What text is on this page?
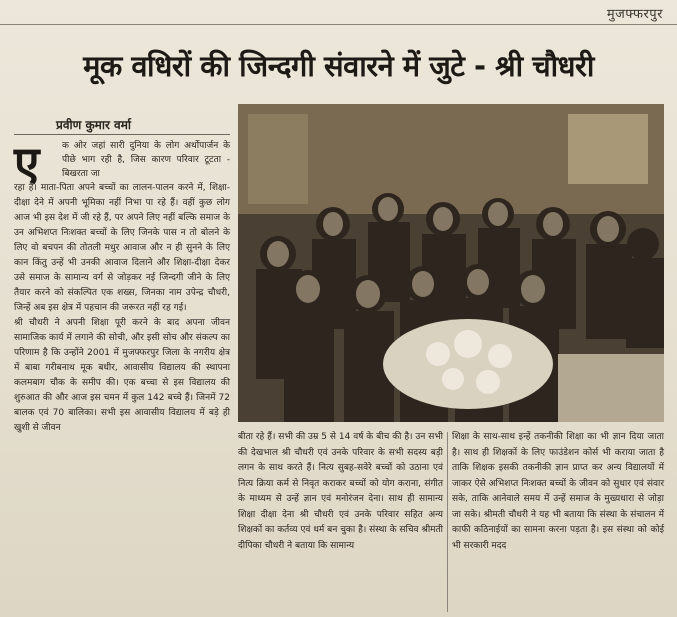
मुजफ्फरपुर
मूक वधिरों की जिन्दगी संवारने में जुटे - श्री चौधरी
प्रवीण कुमार वर्मा
ए	क ओर जहां सारी दुनिया के लोग अर्थोपार्जन के पीछे भाग रही है, जिस कारण परिवार टूटता - बिखरता जा

रहा है। माता-पिता अपने बच्चों का लालन-पालन करने में, शिक्षा-दीक्षा देने में अपनी भूमिका नहीं निभा पा रहे हैं। वहीं कुछ लोग आज भी इस देश में जी रहे हैं, पर अपने लिए नहीं बल्कि समाज के उन अभिशप्त निःशक्त बच्चों के लिए जिनके पास न तो बोलने के लिए वो बचपन की तोतली मधुर आवाज और न ही सुनने के लिए कान किंतु उन्हें भी उनकी आवाज दिलाने और शिक्षा-दीक्षा देकर उसे समाज के सामान्य वर्ग से जोड़कर नई जिन्दगी जीने के लिए तैयार करने को संकल्पित एक शख्स, जिनका नाम उपेन्द्र चौधरी, जिन्हें अब इस क्षेत्र में पहचान की जरूरत नहीं रह गई।

श्री चौधरी ने अपनी शिक्षा पूरी करने के बाद अपना जीवन सामाजिक कार्य में लगाने की सोची, और इसी सोच और संकल्प का परिणाम है कि उन्होंने 2001 में मुजफ्फरपुर जिला के नगरीय क्षेत्र में बाबा गरीबनाथ मूक बधीर, आवासीय विद्यालय की स्थापना कलमबाग चौक के समीप की। एक बच्चा से इस विद्यालय की शुरुआत की और आज इस चमन में कुल 142 बच्चे हैं। जिनमें 72 बालक एवं 70 बालिका। सभी इस आवासीय विद्यालय में बड़े ही खुशी से जीवन

बीता रहे हैं। सभी की उम्र 5 से 14 वर्ष के बीच की है। उन सभी की देखभाल श्री चौधरी एवं उनके परिवार के सभी सदस्य बड़ी लगन के साथ करते हैं। नित्य सुबह-सवेरे बच्चों को उठाना एवं नित्य क्रिया कर्म से निवृत कराकर बच्चों को योग कराना, संगीत के माध्यम से उन्हें ज्ञान एवं मनोरंजन देना। साथ ही सामान्य शिक्षा दीक्षा देना श्री चौधरी एवं उनके परिवार सहित अन्य शिक्षकों का कर्तव्य एवं धर्म बन चुका है। संस्था के सचिव श्रीमती दीपिका चौधरी ने बताया कि सामान्य
शिक्षा के साथ-साथ इन्हें तकनीकी शिक्षा का भी ज्ञान दिया जाता है। साथ ही शिक्षकों के लिए फाउंडेशन कोर्स भी कराया जाता है ताकि शिक्षक इसकी तकनीकी ज्ञान प्राप्त कर अन्य विद्यालयों में जाकर ऐसे अभिशप्त निःशक्त बच्चों के जीवन को सुधार एवं संवार सके, ताकि आनेवाले समय में उन्हें समाज के मुख्यधारा से जोड़ा जा सके। श्रीमती चौधरी ने यह भी बताया कि संस्था के संचालन में काफी कठिनाईयों का सामना करना पड़ता है। इस संस्था को कोई भी सरकारी मदद
